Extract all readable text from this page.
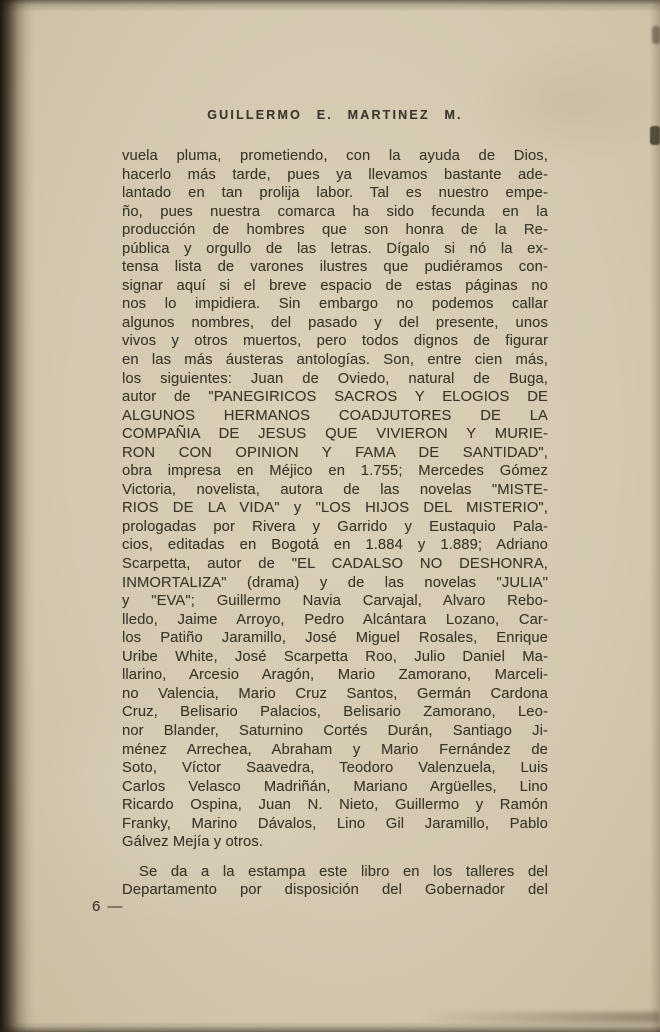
GUILLERMO E. MARTINEZ M.
vuela pluma, prometiendo, con la ayuda de Dios,
hacerlo más tarde, pues ya llevamos bastante ade-
lantado en tan prolija labor. Tal es nuestro empe-
ño, pues nuestra comarca ha sido fecunda en la
producción de hombres que son honra de la Re-
pública y orgullo de las letras. Dígalo si nó la ex-
tensa lista de varones ilustres que pudiéramos con-
signar aquí si el breve espacio de estas páginas no
nos lo impidiera. Sin embargo no podemos callar
algunos nombres, del pasado y del presente, unos
vivos y otros muertos, pero todos dignos de figurar
en las más áusteras antologías. Son, entre cien más,
los siguientes: Juan de Oviedo, natural de Buga,
autor de "PANEGIRICOS SACROS Y ELOGIOS DE
ALGUNOS HERMANOS COADJUTORES DE LA
COMPAÑIA DE JESUS QUE VIVIERON Y MURIE-
RON CON OPINION Y FAMA DE SANTIDAD",
obra impresa en Méjico en 1.755; Mercedes Gómez
Victoria, novelista, autora de las novelas "MISTE-
RIOS DE LA VIDA" y "LOS HIJOS DEL MISTERIO",
prologadas por Rivera y Garrido y Eustaquio Pala-
cios, editadas en Bogotá en 1.884 y 1.889; Adriano
Scarpetta, autor de "EL CADALSO NO DESHONRA,
INMORTALIZA" (drama) y de las novelas "JULIA"
y "EVA"; Guillermo Navia Carvajal, Alvaro Rebo-
lledo, Jaime Arroyo, Pedro Alcántara Lozano, Car-
los Patiño Jaramillo, José Miguel Rosales, Enrique
Uribe White, José Scarpetta Roo, Julio Daniel Ma-
llarino, Arcesio Aragón, Mario Zamorano, Marceli-
no Valencia, Mario Cruz Santos, Germán Cardona
Cruz, Belisario Palacios, Belisario Zamorano, Leo-
nor Blander, Saturnino Cortés Durán, Santiago Ji-
ménez Arrechea, Abraham y Mario Fernández de
Soto, Víctor Saavedra, Teodoro Valenzuela, Luis
Carlos Velasco Madriñán, Mariano Argüelles, Lino
Ricardo Ospina, Juan N. Nieto, Guillermo y Ramón
Franky, Marino Dávalos, Lino Gil Jaramillo, Pablo
Gálvez Mejía y otros.
Se da a la estampa este libro en los talleres del
Departamento por disposición del Gobernador del
6 —
